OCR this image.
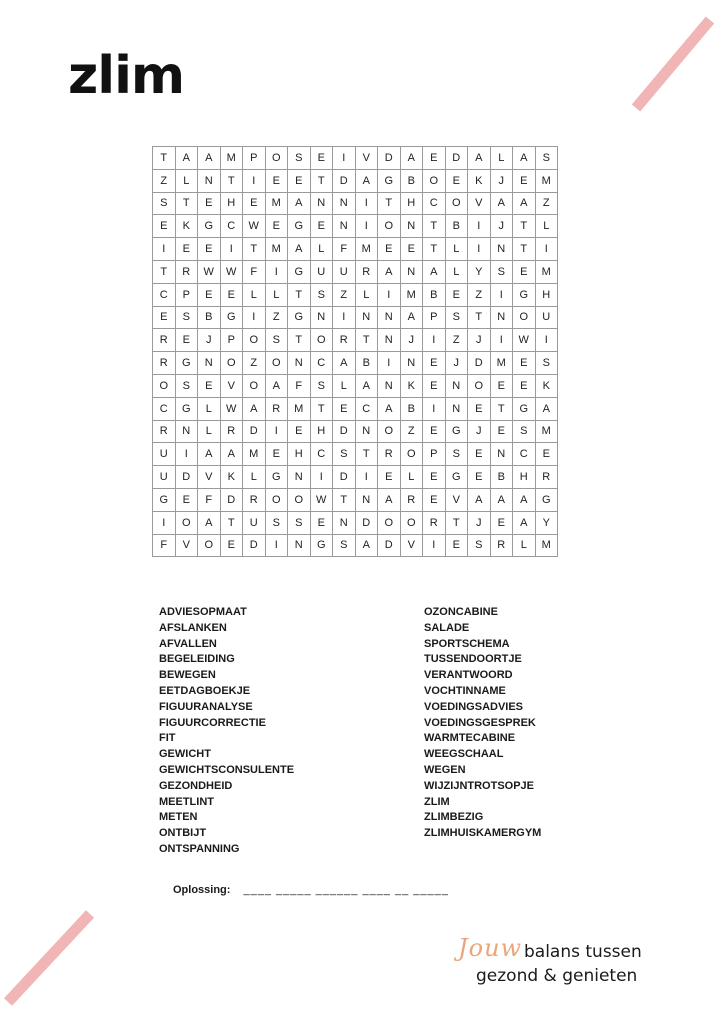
zlim
T	A	A	M	P	O	S	E	I	V	D	A	E	D	A	L	A	S
Z	L	N	T	I	E	E	T	D	A	G	B	O	E	K	J	E	M
S	T	E	H	E	M	A	N	N	I	T	H	C	O	V	A	A	Z
E	K	G	C	W	E	G	E	N	I	O	N	T	B	I	J	T	L
I	E	E	I	T	M	A	L	F	M	E	E	T	L	I	N	T	I
T	R	W	W	F	I	G	U	U	R	A	N	A	L	Y	S	E	M
C	P	E	E	L	L	T	S	Z	L	I	M	B	E	Z	I	G	H
E	S	B	G	I	Z	G	N	I	N	N	A	P	S	T	N	O	U
R	E	J	P	O	S	T	O	R	T	N	J	I	Z	J	I	W	I
R	G	N	O	Z	O	N	C	A	B	I	N	E	J	D	M	E	S
O	S	E	V	O	A	F	S	L	A	N	K	E	N	O	E	E	K
C	G	L	W	A	R	M	T	E	C	A	B	I	N	E	T	G	A
R	N	L	R	D	I	E	H	D	N	O	Z	E	G	J	E	S	M
U	I	A	A	M	E	H	C	S	T	R	O	P	S	E	N	C	E
U	D	V	K	L	G	N	I	D	I	E	L	E	G	E	B	H	R
G	E	F	D	R	O	O	W	T	N	A	R	E	V	A	A	A	G
I	O	A	T	U	S	S	E	N	D	O	O	R	T	J	E	A	Y
F	V	O	E	D	I	N	G	S	A	D	V	I	E	S	R	L	M
ADVIESOPMAAT
AFSLANKEN
AFVALLEN
BEGELEIDING
BEWEGEN
EETDAGBOEKJE
FIGUURANALYSE
FIGUURCORRECTIE
FIT
GEWICHT
GEWICHTSCONSULENTE
GEZONDHEID
MEETLINT
METEN
ONTBIJT
ONTSPANNING
OZONCABINE
SALADE
SPORTSCHEMA
TUSSENDOORTJE
VERANTWOORD
VOCHTINNAME
VOEDINGSADVIES
VOEDINGSGESPREK
WARMTECABINE
WEEGSCHAAL
WEGEN
WIJZIJNTROTSOPJE
ZLIM
ZLIMBEZIG
ZLIMHUISKAMERGYM
Oplossing: ____ _____ ______ ____ __ _____
Jouw balans tussen
gezond & genieten
